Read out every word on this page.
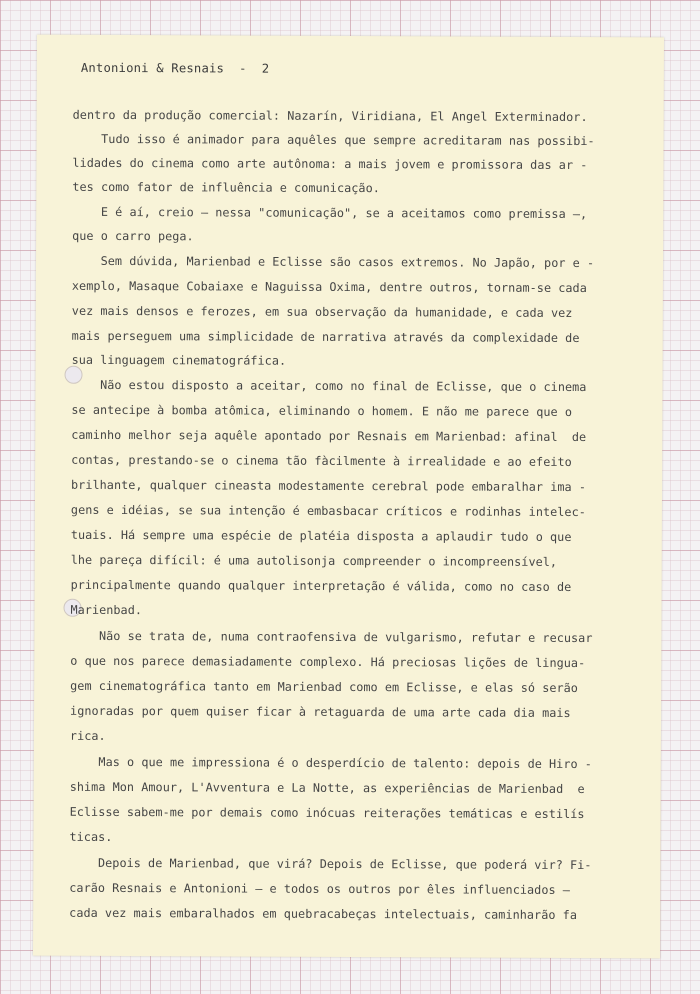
Antonioni & Resnais  -  2
dentro da produção comercial: Nazarín, Viridiana, El Angel Exterminador.
Tudo isso é animador para aquêles que sempre acreditaram nas possibi-
lidades do cinema como arte autônoma: a mais jovem e promissora das ar -
tes como fator de influência e comunicação.
E é aí, creio — nessa "comunicação", se a aceitamos como premissa —,
que o carro pega.
Sem dúvida, Marienbad e Eclisse são casos extremos. No Japão, por e -
xemplo, Masaque Cobaiaxe e Naguissa Oxima, dentre outros, tornam-se cada
vez mais densos e ferozes, em sua observação da humanidade, e cada vez
mais perseguem uma simplicidade de narrativa através da complexidade de
sua linguagem cinematográfica.
Não estou disposto a aceitar, como no final de Eclisse, que o cinema
se antecipe à bomba atômica, eliminando o homem. E não me parece que o
caminho melhor seja aquêle apontado por Resnais em Marienbad: afinal  de
contas, prestando-se o cinema tão fàcilmente à irrealidade e ao efeito
brilhante, qualquer cineasta modestamente cerebral pode embaralhar ima -
gens e idéias, se sua intenção é embasbacar críticos e rodinhas intelec-
tuais. Há sempre uma espécie de platéia disposta a aplaudir tudo o que
lhe pareça difícil: é uma autolisonja compreender o incompreensível,
principalmente quando qualquer interpretação é válida, como no caso de
Marienbad.
Não se trata de, numa contraofensiva de vulgarismo, refutar e recusar
o que nos parece demasiadamente complexo. Há preciosas lições de lingua-
gem cinematográfica tanto em Marienbad como em Eclisse, e elas só serão
ignoradas por quem quiser ficar à retaguarda de uma arte cada dia mais
rica.
Mas o que me impressiona é o desperdício de talento: depois de Hiro -
shima Mon Amour, L'Avventura e La Notte, as experiências de Marienbad  e
Eclisse sabem-me por demais como inócuas reiterações temáticas e estilís
ticas.
Depois de Marienbad, que virá? Depois de Eclisse, que poderá vir? Fi-
carão Resnais e Antonioni — e todos os outros por êles influenciados —
cada vez mais embaralhados em quebracabeças intelectuais, caminharão fa
